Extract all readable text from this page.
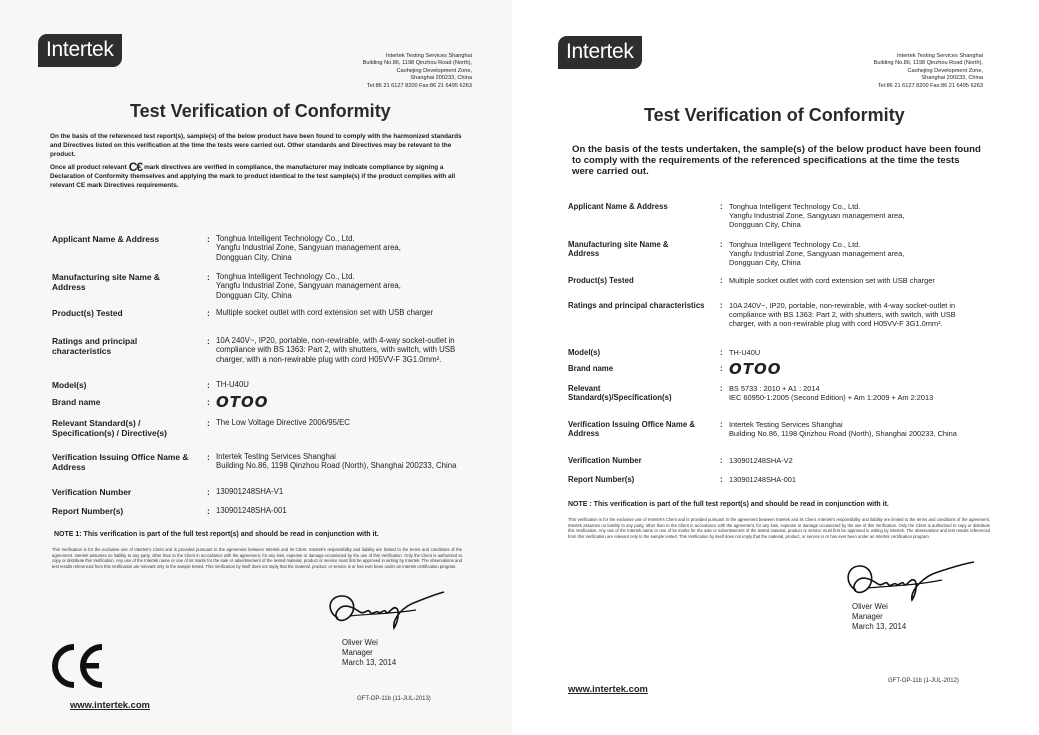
Intertek	Intertek Testing Services Shanghai
Building No.86, 1198 Qinzhou Road (North),
Caohejing Development Zone,
Shanghai 200233, China
Tel:86 21 6127 8200 Fax:86 21 6495 6263
Test Verification of Conformity

On the basis of the referenced test report(s), sample(s) of the below product have been found to comply with the harmonized standards and Directives listed on this verification at the time the tests were carried out. Other standards and Directives may be relevant to the product.

Once all product relevant C€ mark directives are verified in compliance, the manufacturer may indicate compliance by signing a Declaration of Conformity themselves and applying the mark to product identical to the test sample(s) if the product complies with all relevant CE mark Directives requirements.

Applicant Name & Address	: Tonghua Intelligent Technology Co., Ltd.
Yangfu Industrial Zone, Sangyuan management area,
Dongguan City, China
Manufacturing site Name & Address
: Tonghua Intelligent Technology Co., Ltd.
Yangfu Industrial Zone, Sangyuan management area,
Dongguan City, China
Product(s) Tested	: Multiple socket outlet with cord extension set with USB charger
Ratings and principal characteristics
: 10A 240V~, IP20, portable, non-rewirable, with 4-way socket-outlet in compliance with BS 1363: Part 2, with shutters, with switch, with USB charger, with a non-rewirable plug with cord H05VV-F 3G1.0mm².
Model(s)	: TH-U40U
Brand name	: OTOO
Relevant Standard(s) / Specification(s) / Directive(s)
: The Low Voltage Directive 2006/95/EC
Verification Issuing Office Name & Address
: Intertek Testing Services Shanghai
Building No.86, 1198 Qinzhou Road (North), Shanghai 200233, China
Verification Number	: 130901248SHA-V1
Report Number(s)	: 130901248SHA-001
NOTE 1: This verification is part of the full test report(s) and should be read in conjunction with it.
This Verification is for the exclusive use of Intertek's Client and is provided pursuant to the agreement between Intertek and its Client. Intertek's responsibility and liability are limited to the terms and conditions of the agreement. Intertek assumes no liability to any party, other than to the Client in accordance with the agreement, for any loss, expense or damage occasioned by the use of this Verification. Only the Client is authorized to copy or distribute this Verification. Any use of the Intertek name or one of its marks for the sale or advertisement of the tested material, product or service must first be approved in writing by Intertek. The observations and test results referenced from this Verification are relevant only to the sample tested. This Verification by itself does not imply that the material, product, or service is or has ever been under an Intertek certification program.
Oliver Wei
Manager
March 13, 2014
www.intertek.com	GFT-OP-11b (11-JUL-2013)
Intertek	Intertek Testing Services Shanghai
Building No.86, 1198 Qinzhou Road (North),
Caohejing Development Zone,
Shanghai 200233, China
Tel:86 21 6127 8200 Fax:86 21 6495 6263
Test Verification of Conformity
On the basis of the tests undertaken, the sample(s) of the below product have been found to comply with the requirements of the referenced specifications at the time the tests were carried out.
Applicant Name & Address	: Tonghua Intelligent Technology Co., Ltd.
Yangfu Industrial Zone, Sangyuan management area,
Dongguan City, China
Manufacturing site Name & Address
: Tonghua Intelligent Technology Co., Ltd.
Yangfu Industrial Zone, Sangyuan management area,
Dongguan City, China
Product(s) Tested	: Multiple socket outlet with cord extension set with USB charger
Ratings and principal characteristics	: 10A 240V~, IP20, portable, non-rewirable, with 4-way socket-outlet in compliance with BS 1363: Part 2, with shutters, with switch, with USB charger, with a non-rewirable plug with cord H05VV-F 3G1.0mm².
Model(s)	: TH-U40U
Brand name	: OTOO
Relevant Standard(s)/Specification(s)
: BS 5733 : 2010 + A1 : 2014
IEC 60950-1:2005 (Second Edition) + Am 1:2009 + Am 2:2013
Verification Issuing Office Name & Address
: Intertek Testing Services Shanghai
Building No.86, 1198 Qinzhou Road (North), Shanghai 200233, China
Verification Number	: 130901248SHA-V2
Report Number(s)	: 130901248SHA-001
NOTE : This verification is part of the full test report(s) and should be read in conjunction with it.
This Verification is for the exclusive use of Intertek's Client and is provided pursuant to the agreement between Intertek and its Client. Intertek's responsibility and liability are limited to the terms and conditions of the agreement. Intertek assumes no liability to any party, other than to the Client in accordance with the agreement, for any loss, expense or damage occasioned by the use of this Verification. Only the Client is authorized to copy or distribute this Verification. Any use of the Intertek name or one of its marks for the sale or advertisement of the tested material, product or service must first be approved in writing by Intertek. The observations and test results referenced from this Verification are relevant only to the sample tested. This Verification by itself does not imply that the material, product, or service is or has ever been under an Intertek certification program.
Oliver Wei
Manager
March 13, 2014
www.intertek.com
GFT-OP-11b (1-JUL-2012)
